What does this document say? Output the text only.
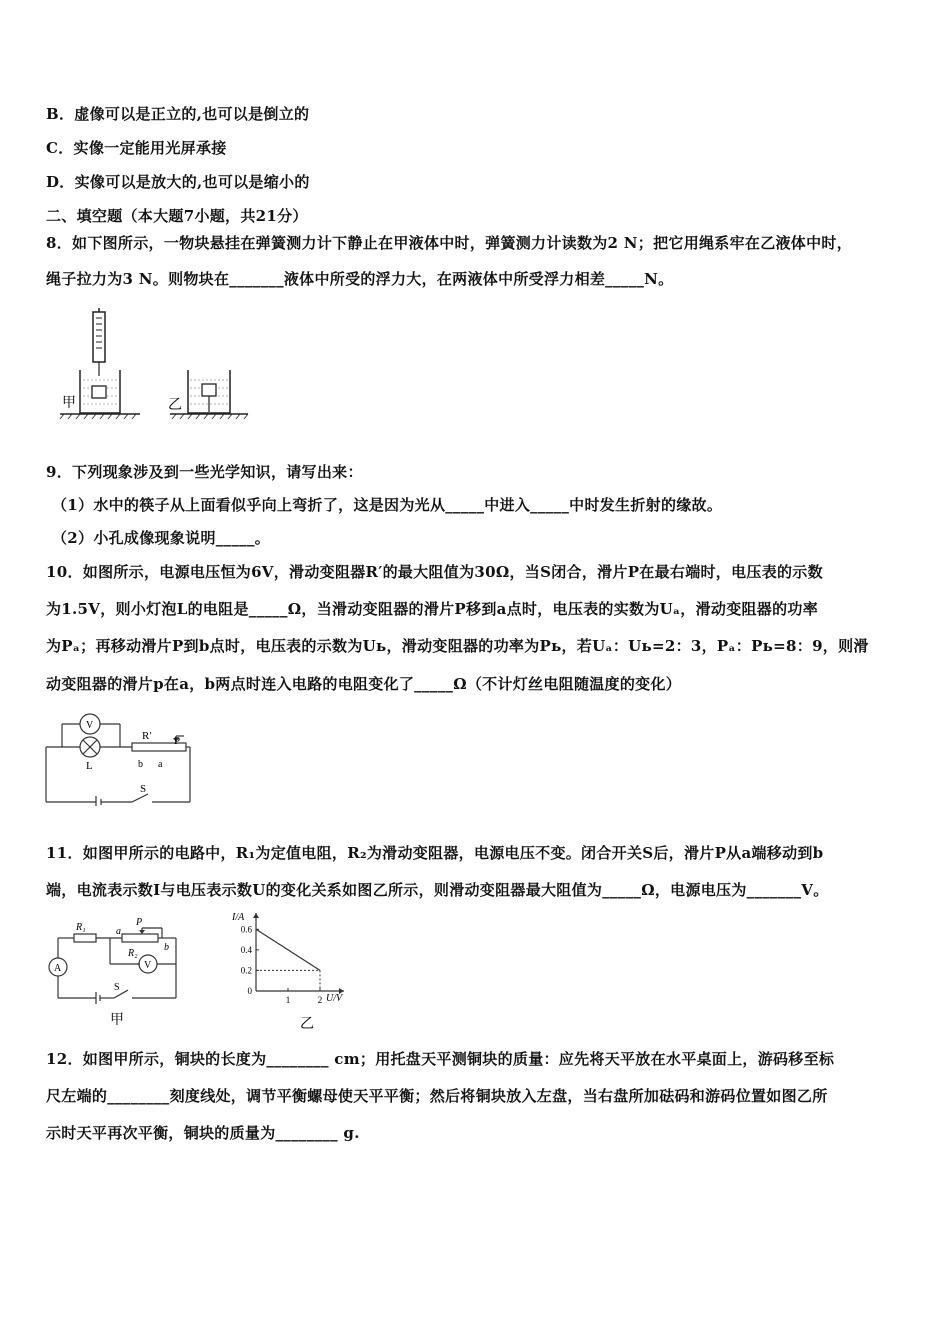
B．虚像可以是正立的,也可以是倒立的
C．实像一定能用光屏承接
D．实像可以是放大的,也可以是缩小的
二、填空题（本大题7小题，共21分）
8．如下图所示，一物块悬挂在弹簧测力计下静止在甲液体中时，弹簧测力计读数为2 N；把它用绳系牢在乙液体中时，
绳子拉力为3 N。则物块在_______液体中所受的浮力大，在两液体中所受浮力相差_____N。
甲	乙
9．下列现象涉及到一些光学知识，请写出来：
（1）水中的筷子从上面看似乎向上弯折了，这是因为光从_____中进入_____中时发生折射的缘故。
（2）小孔成像现象说明_____。
10．如图所示，电源电压恒为6V，滑动变阻器R′的最大阻值为30Ω，当S闭合，滑片P在最右端时，电压表的示数
为1.5V，则小灯泡L的电阻是_____Ω，当滑动变阻器的滑片P移到a点时，电压表的实数为Uₐ，滑动变阻器的功率
为Pₐ；再移动滑片P到b点时，电压表的示数为Uь，滑动变阻器的功率为Pь，若Uₐ：Uь=2：3，Pₐ：Pь=8：9，则滑
动变阻器的滑片p在a，b两点时连入电路的电阻变化了_____Ω（不计灯丝电阻随温度的变化）
V
L
R′ P
b a
S
11．如图甲所示的电路中，R₁为定值电阻，R₂为滑动变阻器，电源电压不变。闭合开关S后，滑片P从a端移动到b
端，电流表示数I与电压表示数U的变化关系如图乙所示，则滑动变阻器最大阻值为_____Ω，电源电压为_______V。
R₁
R₂
P
a
b
A	V
S
甲
0
0.2
0.4
0.6
1	2
I/A
U/V
乙
12．如图甲所示，铜块的长度为________ cm；用托盘天平测铜块的质量：应先将天平放在水平桌面上，游码移至标
尺左端的________刻度线处，调节平衡螺母使天平平衡；然后将铜块放入左盘，当右盘所加砝码和游码位置如图乙所
示时天平再次平衡，铜块的质量为________ g.
